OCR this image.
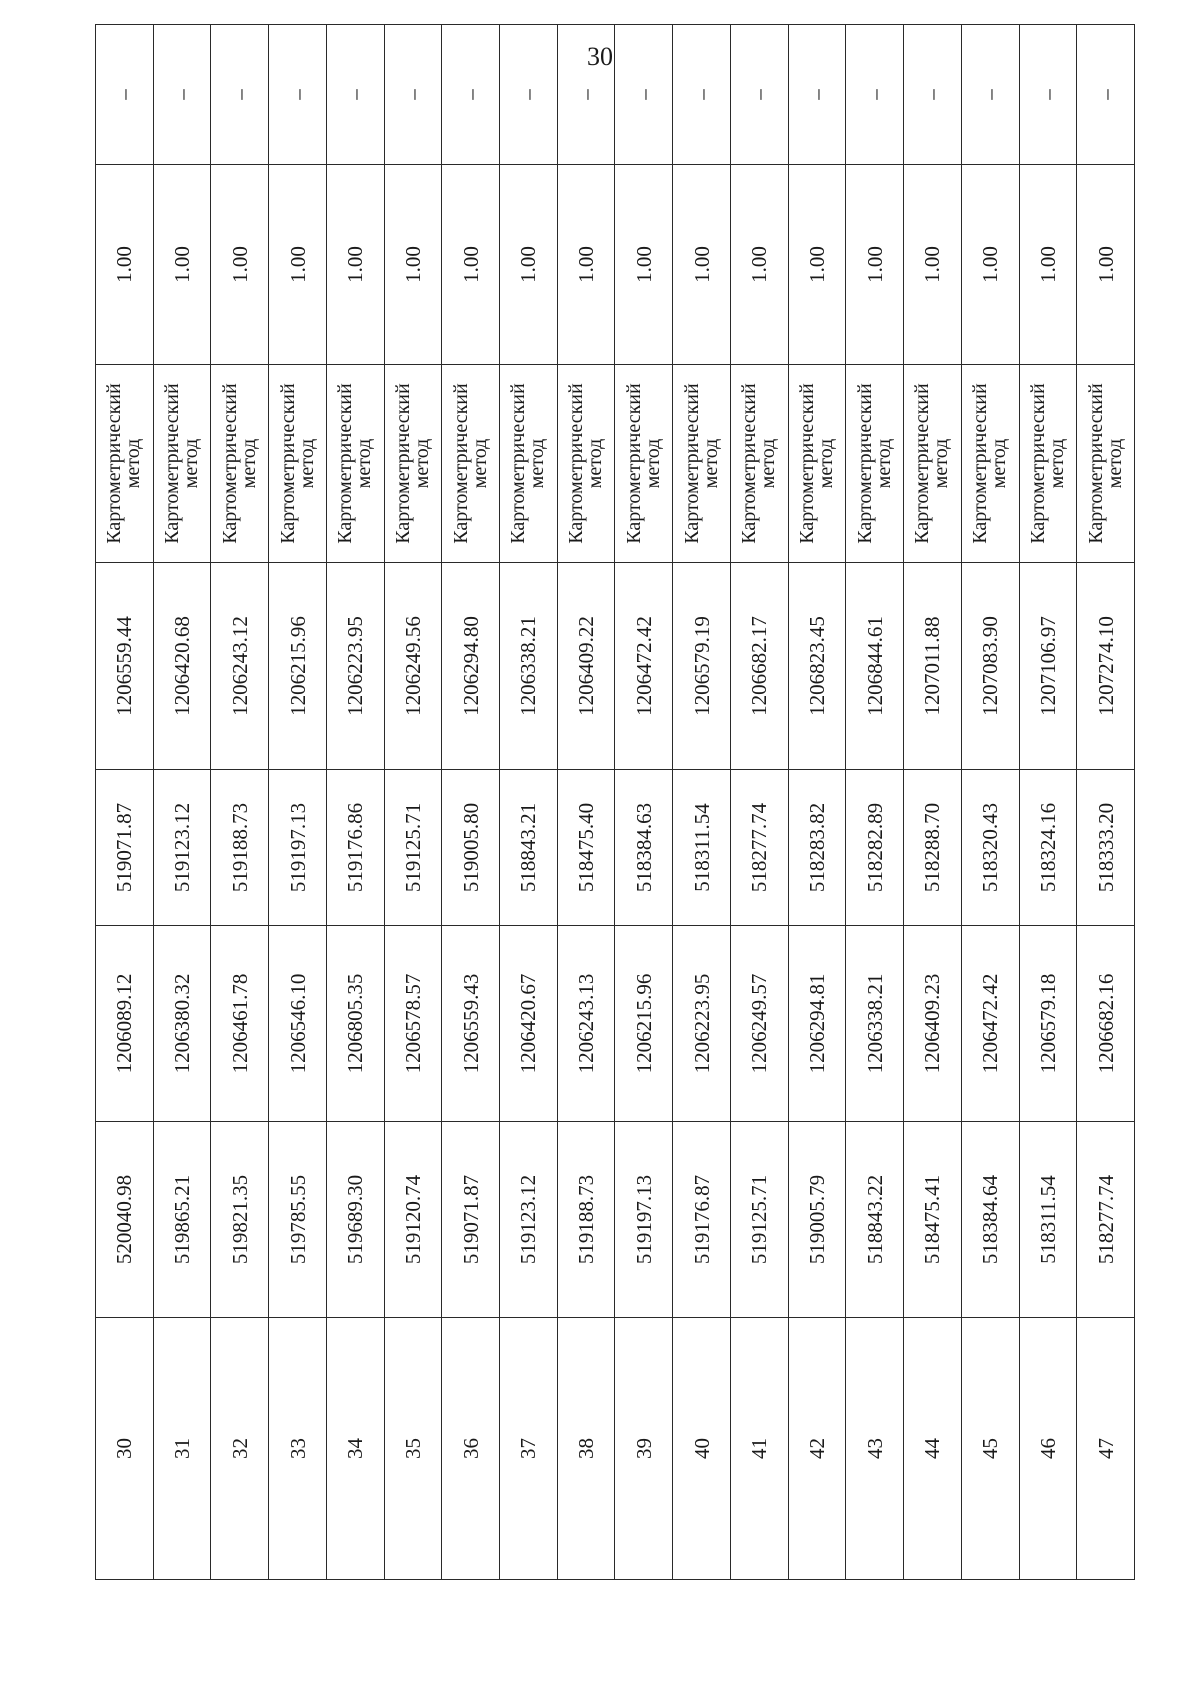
30
30	520040.98	1206089.12	519071.87	1206559.44	Картометрический
метод	1.00	–
31	519865.21	1206380.32	519123.12	1206420.68	Картометрический
метод	1.00	–
32	519821.35	1206461.78	519188.73	1206243.12	Картометрический
метод	1.00	–
33	519785.55	1206546.10	519197.13	1206215.96	Картометрический
метод	1.00	–
34	519689.30	1206805.35	519176.86	1206223.95	Картометрический
метод	1.00	–
35	519120.74	1206578.57	519125.71	1206249.56	Картометрический
метод	1.00	–
36	519071.87	1206559.43	519005.80	1206294.80	Картометрический
метод	1.00	–
37	519123.12	1206420.67	518843.21	1206338.21	Картометрический
метод	1.00	–
38	519188.73	1206243.13	518475.40	1206409.22	Картометрический
метод	1.00	–
39	519197.13	1206215.96	518384.63	1206472.42	Картометрический
метод	1.00	–
40	519176.87	1206223.95	518311.54	1206579.19	Картометрический
метод	1.00	–
41	519125.71	1206249.57	518277.74	1206682.17	Картометрический
метод	1.00	–
42	519005.79	1206294.81	518283.82	1206823.45	Картометрический
метод	1.00	–
43	518843.22	1206338.21	518282.89	1206844.61	Картометрический
метод	1.00	–
44	518475.41	1206409.23	518288.70	1207011.88	Картометрический
метод	1.00	–
45	518384.64	1206472.42	518320.43	1207083.90	Картометрический
метод	1.00	–
46	518311.54	1206579.18	518324.16	1207106.97	Картометрический
метод	1.00	–
47	518277.74	1206682.16	518333.20	1207274.10	Картометрический
метод	1.00	–
